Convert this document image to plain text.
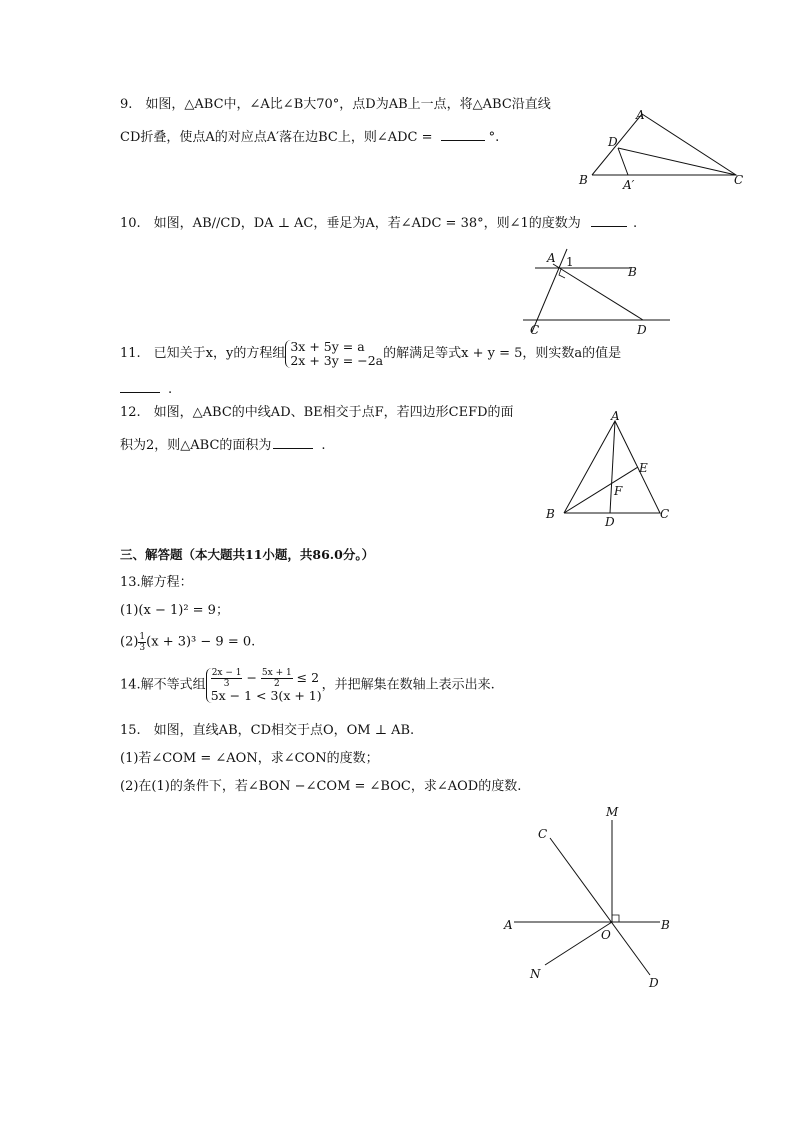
9.　如图，△ABC中，∠A比∠B大70°，点D为AB上一点，将△ABC沿直线
CD折叠，使点A的对应点A′落在边BC上，则∠ADC =	°.
A
D
B	A′	C
10.　如图，AB//CD，DA ⊥ AC，垂足为A，若∠ADC = 38°，则∠1的度数为	.
A 1
B
C	D
11.　已知关于x，y的方程组 3x + 5y = a
2x + 3y = −2a的解满足等式x + y = 5，则实数a的值是
.
12.　如图，△ABC的中线AD、BE相交于点F，若四边形CEFD的面
积为2，则△ABC的面积为	.
A
E
F
B
D
C
三、解答题（本大题共11小题，共86.0分。）
13.解方程：
(1)(x − 1)² = 9；
$(2) \frac{1}{3} (x + 3)^3 - 9 = 0$.
14.解不等式组 $\frac{2x - 1}{3} - \frac{5x + 1}{2} \le 2$
5x − 1 < 3(x + 1)，并把解集在数轴上表示出来.
15.　如图，直线AB，CD相交于点O，OM ⊥ AB.
(1)若∠COM = ∠AON，求∠CON的度数；
(2)在(1)的条件下，若∠BON −∠COM = ∠BOC，求∠AOD的度数.
M
C
A
O
B
N
D
